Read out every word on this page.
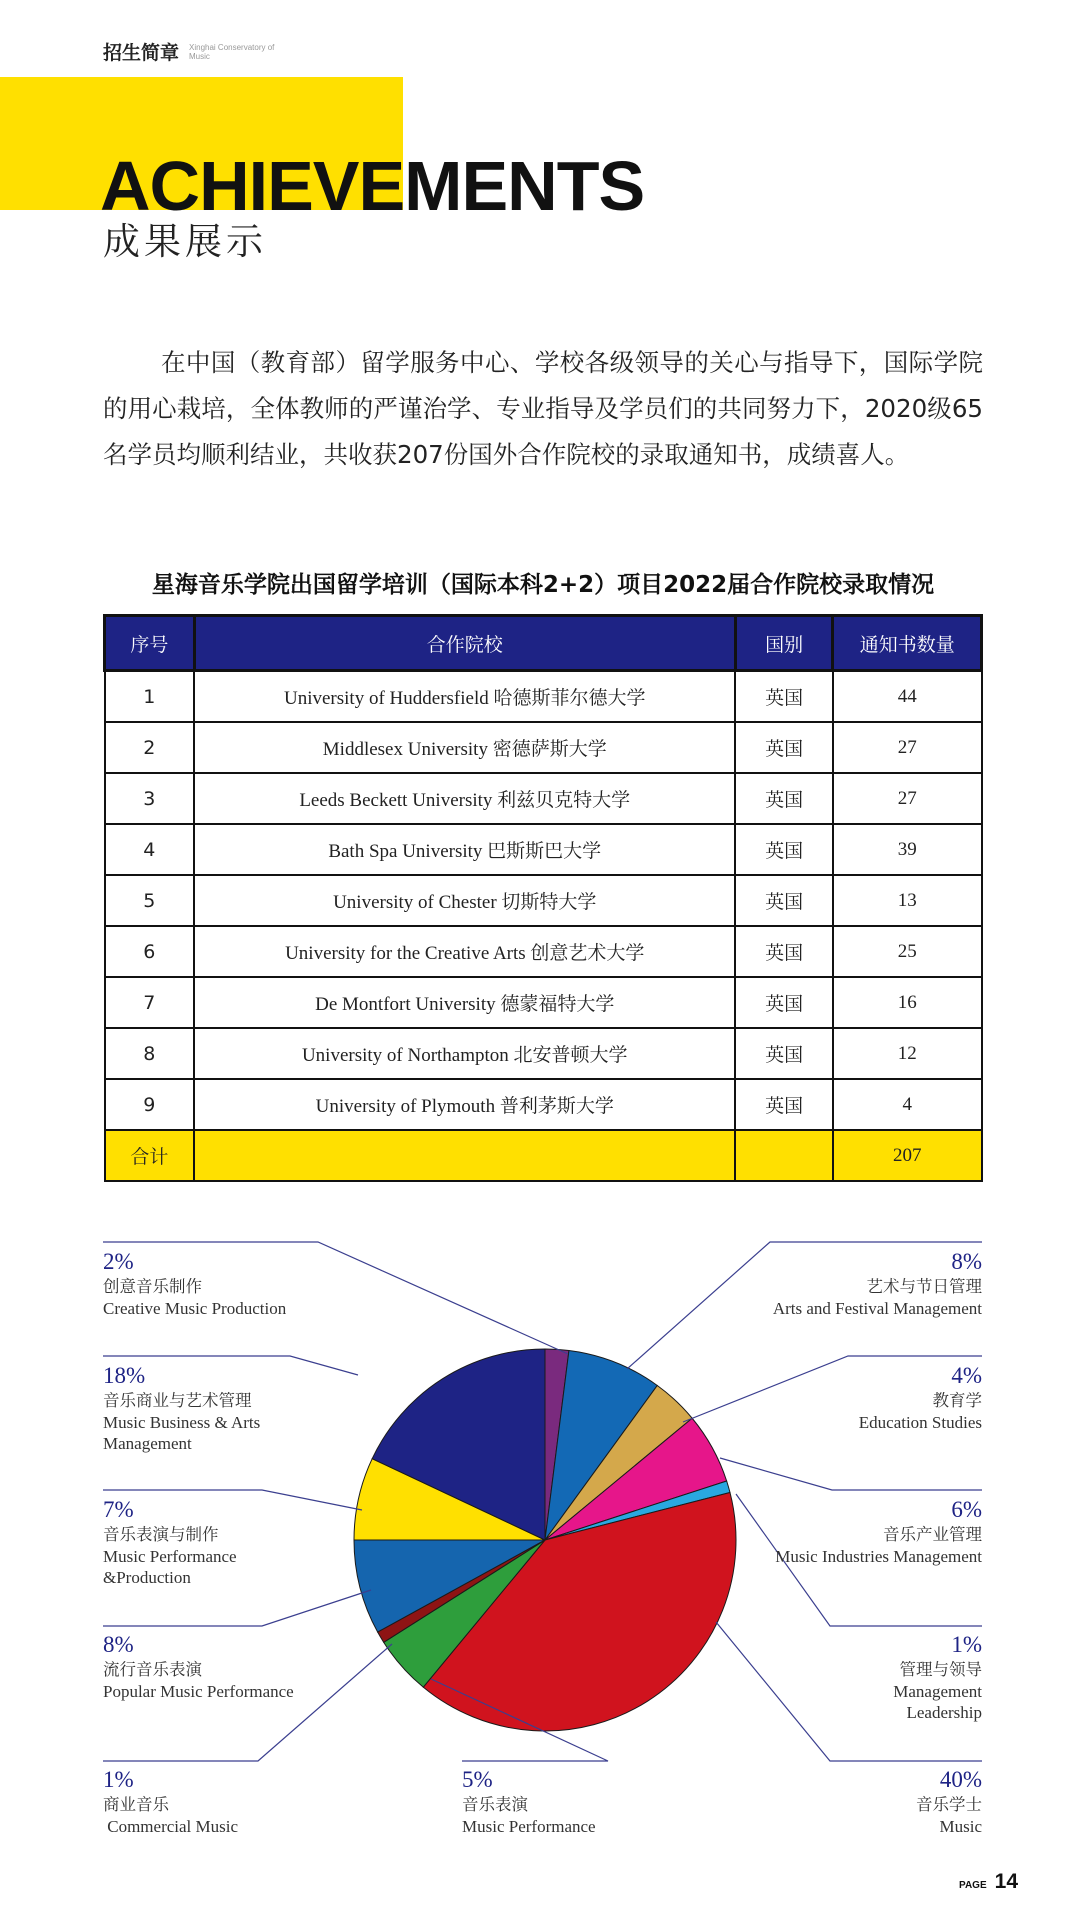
招生简章 Xinghai Conservatory of Music
ACHIEVEMENTS
成果展示

在中国（教育部）留学服务中心、学校各级领导的关心与指导下，国际学院的用心栽培，全体教师的严谨治学、专业指导及学员们的共同努力下，2020级65名学员均顺利结业，共收获207份国外合作院校的录取通知书，成绩喜人。

星海音乐学院出国留学培训（国际本科2+2）项目2022届合作院校录取情况
序号	合作院校	国别	通知书数量
1	University of Huddersfield 哈德斯菲尔德大学	英国	44
2	Middlesex University 密德萨斯大学	英国	27
3	Leeds Beckett University 利兹贝克特大学	英国	27
4	Bath Spa University 巴斯斯巴大学	英国	39
5	University of Chester 切斯特大学	英国	13
6	University for the Creative Arts 创意艺术大学	英国	25
7	De Montfort University 德蒙福特大学	英国	16
8	University of Northampton 北安普顿大学	英国	12
9	University of Plymouth 普利茅斯大学	英国	4
合计			207
2%
创意音乐制作
Creative Music Production
18%
音乐商业与艺术管理
Music Business & Arts
Management
7%
音乐表演与制作
Music Performance
&Production
8%
流行音乐表演
Popular Music Performance
1%
商业音乐
Commercial Music
5%
音乐表演
Music Performance
8%
艺术与节日管理
Arts and Festival Management
4%
教育学
Education Studies
6%
音乐产业管理
Music Industries Management
1%
管理与领导
Management
Leadership
40%
音乐学士
Music
PAGE 14
